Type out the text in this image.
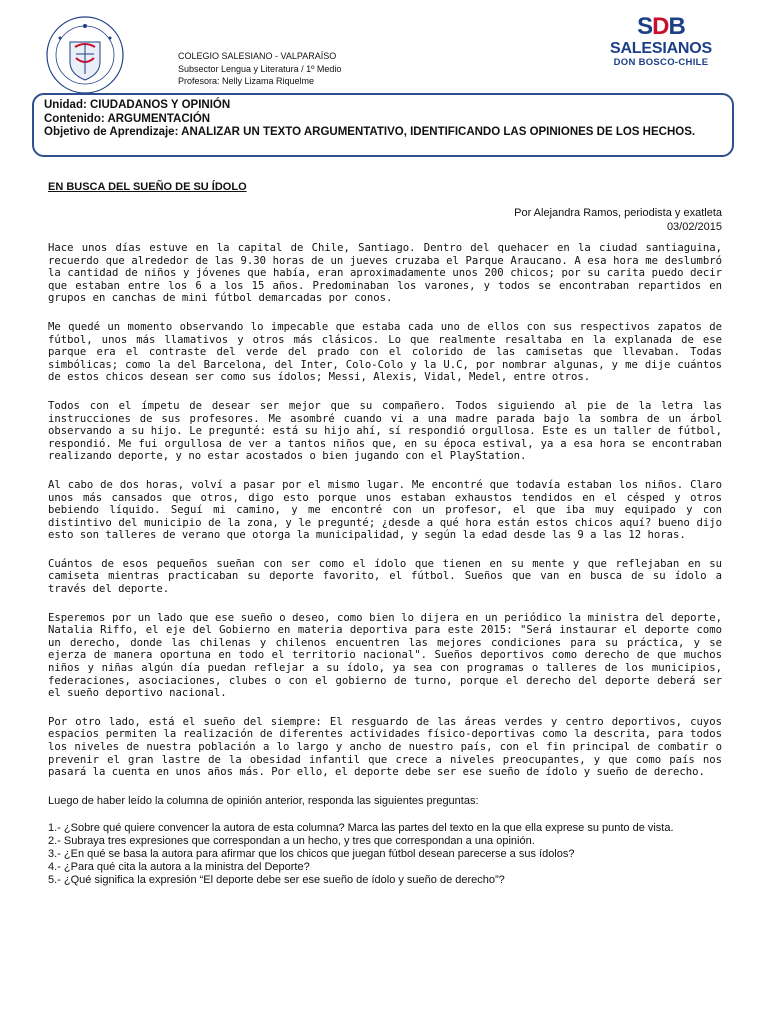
COLEGIO SALESIANO - VALPARAÍSO
Subsector Lengua y Literatura / 1º Medio
Profesora: Nelly Lizama Riquelme
S D B
SALESIANOS
DON BOSCO-CHILE
Unidad: CIUDADANOS Y OPINIÓN
Contenido: ARGUMENTACIÓN
Objetivo de Aprendizaje: ANALIZAR UN TEXTO ARGUMENTATIVO, IDENTIFICANDO LAS OPINIONES DE LOS HECHOS.
EN BUSCA DEL SUEÑO DE SU ÍDOLO
Por Alejandra Ramos, periodista y exatleta
03/02/2015

Hace unos días estuve en la capital de Chile, Santiago. Dentro del quehacer en la ciudad santiaguina, recuerdo que alrededor de las 9.30 horas de un jueves cruzaba el Parque Araucano. A esa hora me deslumbró la cantidad de niños y jóvenes que había, eran aproximadamente unos 200 chicos; por su carita puedo decir que estaban entre los 6 a los 15 años. Predominaban los varones, y todos se encontraban repartidos en grupos en canchas de mini fútbol demarcadas por conos.

Me quedé un momento observando lo impecable que estaba cada uno de ellos con sus respectivos zapatos de fútbol, unos más llamativos y otros más clásicos. Lo que realmente resaltaba en la explanada de ese parque era el contraste del verde del prado con el colorido de las camisetas que llevaban. Todas simbólicas; como la del Barcelona, del Inter, Colo-Colo y la U.C, por nombrar algunas, y me dije cuántos de estos chicos desean ser como sus ídolos; Messi, Alexis, Vidal, Medel, entre otros.

Todos con el ímpetu de desear ser mejor que su compañero. Todos siguiendo al pie de la letra las instrucciones de sus profesores. Me asombré cuando vi a una madre parada bajo la sombra de un árbol observando a su hijo. Le pregunté: está su hijo ahí, sí respondió orgullosa. Este es un taller de fútbol, respondió. Me fui orgullosa de ver a tantos niños que, en su época estival, ya a esa hora se encontraban realizando deporte, y no estar acostados o bien jugando con el PlayStation.

Al cabo de dos horas, volví a pasar por el mismo lugar. Me encontré que todavía estaban los niños. Claro unos más cansados que otros, digo esto porque unos estaban exhaustos tendidos en el césped y otros bebiendo líquido. Seguí mi camino, y me encontré con un profesor, el que iba muy equipado y con distintivo del municipio de la zona, y le pregunté; ¿desde a qué hora están estos chicos aquí? bueno dijo esto son talleres de verano que otorga la municipalidad, y según la edad desde las 9 a las 12 horas.

Cuántos de esos pequeños sueñan con ser como el ídolo que tienen en su mente y que reflejaban en su camiseta mientras practicaban su deporte favorito, el fútbol. Sueños que van en busca de su ídolo a través del deporte.

Esperemos por un lado que ese sueño o deseo, como bien lo dijera en un periódico la ministra del deporte, Natalia Riffo, el eje del Gobierno en materia deportiva para este 2015: "Será instaurar el deporte como un derecho, donde las chilenas y chilenos encuentren las mejores condiciones para su práctica, y se ejerza de manera oportuna en todo el territorio nacional". Sueños deportivos como derecho de que muchos niños y niñas algún día puedan reflejar a su ídolo, ya sea con programas o talleres de los municipios, federaciones, asociaciones, clubes o con el gobierno de turno, porque el derecho del deporte deberá ser el sueño deportivo nacional.

Por otro lado, está el sueño del siempre: El resguardo de las áreas verdes y centro deportivos, cuyos espacios permiten la realización de diferentes actividades físico-deportivas como la descrita, para todos los niveles de nuestra población a lo largo y ancho de nuestro país, con el fin principal de combatir o prevenir el gran lastre de la obesidad infantil que crece a niveles preocupantes, y que como país nos pasará la cuenta en unos años más. Por ello, el deporte debe ser ese sueño de ídolo y sueño de derecho.

Luego de haber leído la columna de opinión anterior, responda las siguientes preguntas:

1.- ¿Sobre qué quiere convencer la autora de esta columna? Marca las partes del texto en la que ella exprese su punto de vista.
2.- Subraya tres expresiones que correspondan a un hecho, y tres que correspondan a una opinión.
3.- ¿En qué se basa la autora para afirmar que los chicos que juegan fútbol desean parecerse a sus ídolos?
4.- ¿Para qué cita la autora a la ministra del Deporte?
5.- ¿Qué significa la expresión “El deporte debe ser ese sueño de ídolo y sueño de derecho”?
